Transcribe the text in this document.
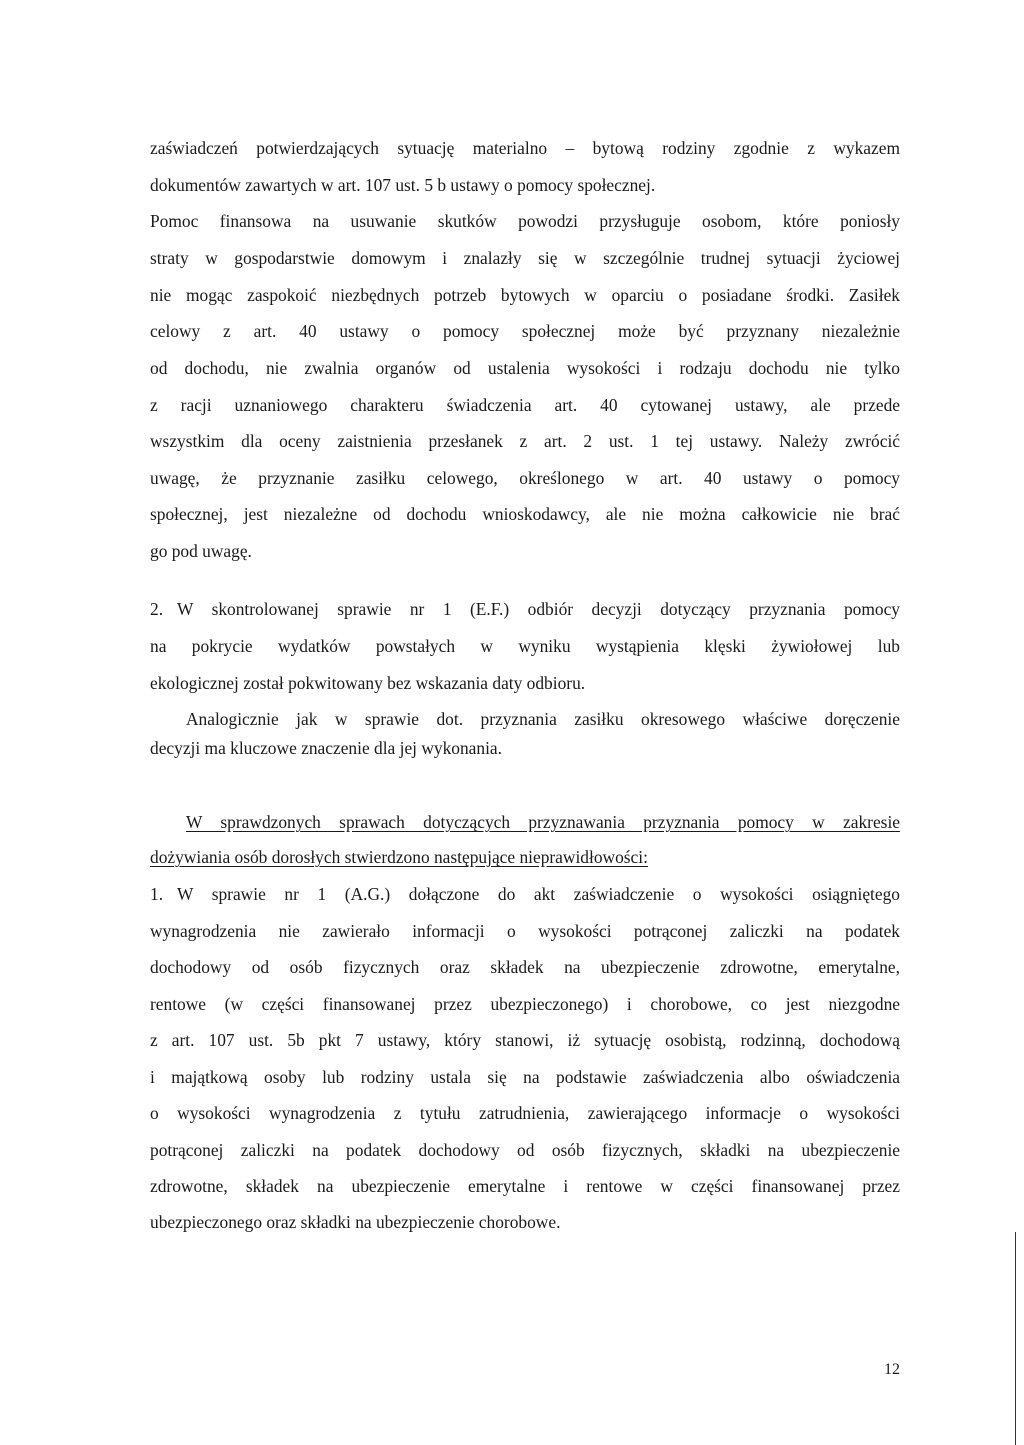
zaświadczeń potwierdzających sytuację materialno – bytową rodziny zgodnie z wykazem
dokumentów zawartych w art. 107 ust. 5 b ustawy o pomocy społecznej.
Pomoc finansowa na usuwanie skutków powodzi przysługuje osobom, które poniosły
straty w gospodarstwie domowym i znalazły się w szczególnie trudnej sytuacji życiowej
nie mogąc zaspokoić niezbędnych potrzeb bytowych w oparciu o posiadane środki. Zasiłek
celowy z art. 40 ustawy o pomocy społecznej może być przyznany niezależnie
od dochodu, nie zwalnia organów od ustalenia wysokości i rodzaju dochodu nie tylko
z racji uznaniowego charakteru świadczenia art. 40 cytowanej ustawy, ale przede
wszystkim dla oceny zaistnienia przesłanek z art. 2 ust. 1 tej ustawy. Należy zwrócić
uwagę, że przyznanie zasiłku celowego, określonego w art. 40 ustawy o pomocy
społecznej, jest niezależne od dochodu wnioskodawcy, ale nie można całkowicie nie brać
go pod uwagę.
2. W skontrolowanej sprawie nr 1 (E.F.) odbiór decyzji dotyczący przyznania pomocy
na pokrycie wydatków powstałych w wyniku wystąpienia klęski żywiołowej lub
ekologicznej został pokwitowany bez wskazania daty odbioru.
Analogicznie jak w sprawie dot. przyznania zasiłku okresowego właściwe doręczenie
decyzji ma kluczowe znaczenie dla jej wykonania.
W sprawdzonych sprawach dotyczących przyznawania przyznania pomocy w zakresie
dożywiania osób dorosłych stwierdzono następujące nieprawidłowości:
1. W sprawie nr 1 (A.G.) dołączone do akt zaświadczenie o wysokości osiągniętego
wynagrodzenia nie zawierało informacji o wysokości potrąconej zaliczki na podatek
dochodowy od osób fizycznych oraz składek na ubezpieczenie zdrowotne, emerytalne,
rentowe (w części finansowanej przez ubezpieczonego) i chorobowe, co jest niezgodne
z art. 107 ust. 5b pkt 7 ustawy, który stanowi, iż sytuację osobistą, rodzinną, dochodową
i majątkową osoby lub rodziny ustala się na podstawie zaświadczenia albo oświadczenia
o wysokości wynagrodzenia z tytułu zatrudnienia, zawierającego informacje o wysokości
potrąconej zaliczki na podatek dochodowy od osób fizycznych, składki na ubezpieczenie
zdrowotne, składek na ubezpieczenie emerytalne i rentowe w części finansowanej przez
ubezpieczonego oraz składki na ubezpieczenie chorobowe.
12
